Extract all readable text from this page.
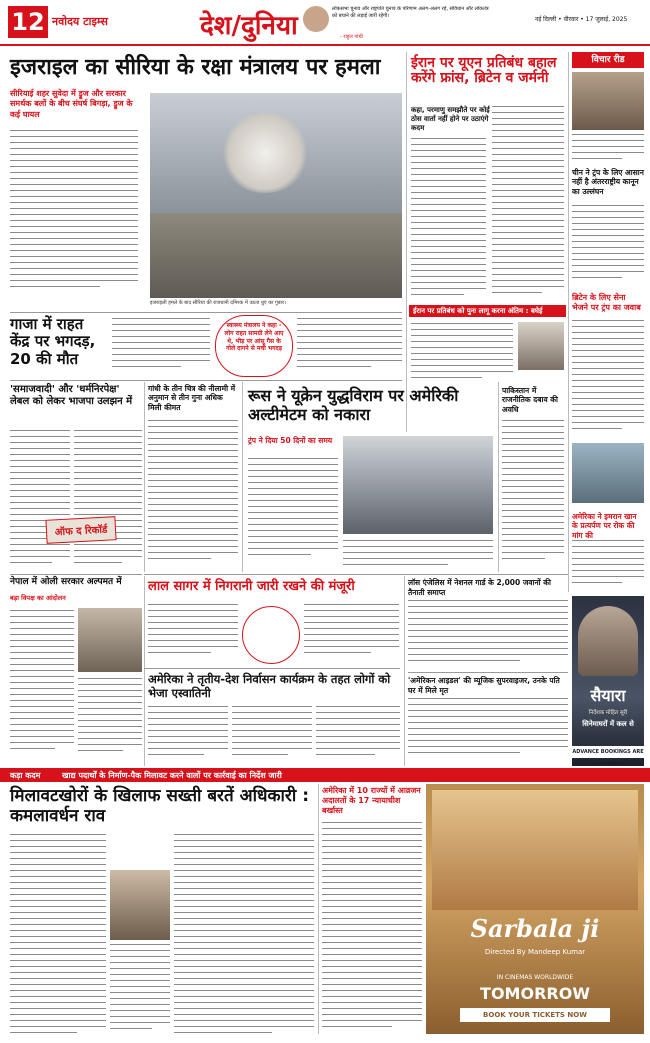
12 नवोदय टाइम्स	देश/दुनिया
लोकसभा चुनाव और राष्ट्रपति चुनाव के परिणाम अलग-अलग रहे, संविधान और लोकतंत्र को बचाने की लड़ाई जारी रहेगी।
- राहुल गांधी
नई दिल्ली • वीरवार • 17 जुलाई, 2025
इजराइल का सीरिया के रक्षा मंत्रालय पर हमला
सीरियाई शहर सुवेदा में ड्रूज और सरकार समर्थक बलों के बीच संघर्ष बिगड़ा, ड्रूज के कई घायल
इजराइली हमले के बाद सीरिया की राजधानी दमिश्क में उठता धुएं का गुबार।
ईरान पर यूएन प्रतिबंध बहाल करेंगे फ्रांस, ब्रिटेन व जर्मनी
कहा, परमाणु समझौते पर कोई ठोस वार्ता नहीं होने पर उठाएंगे कदम
ईरान पर प्रतिबंध को पुनः लागू करना अंतिम : बघेई
विचार रीड
चीन ने ट्रंप के लिए आसान नहीं है अंतरराष्ट्रीय कानून का उल्लंघन
ब्रिटेन के लिए सेना भेजने पर ट्रंप का जवाब
अमेरिका ने इमरान खान के प्रत्यर्पण पर रोक की मांग की
गाजा में राहत केंद्र पर भगदड़, 20 की मौत
स्वास्थ्य मंत्रालय ने कहा - लोग राहत सामग्री लेने आए थे, भीड़ पर आंसू गैस के गोले दागने से मची भगदड़
'समाजवादी' और 'धर्मनिरपेक्ष' लेबल को लेकर भाजपा उलझन में
ऑफ द रिकॉर्ड
गांधी के तीन चित्र की नीलामी में अनुमान से तीन गुना अधिक मिली कीमत
रूस ने यूक्रेन युद्धविराम पर अमेरिकी अल्टीमेटम को नकारा
ट्रंप ने दिया 50 दिनों का समय
पाकिस्तान में राजनीतिक दबाव की अवधि
लाल सागर में निगरानी जारी रखने की मंजूरी
नेपाल में ओली सरकार अल्पमत में
बड़ा विपक्ष का आंदोलन
अमेरिका ने तृतीय-देश निर्वासन कार्यक्रम के तहत लोगों को भेजा एस्वातिनी
लॉस एंजेलिस में नेशनल गार्ड के 2,000 जवानों की तैनाती समाप्त
'अमेरिकन आइडल' की म्यूजिक सुपरवाइजर, उनके पति घर में मिले मृत	सैयारा
निर्देशक मोहित सूरी
सिनेमाघरों में कल से
ADVANCE BOOKINGS ARE NOW OPEN
कड़ा कदम	खाद्य पदार्थों के निर्माण-पैक मिलावट करने वालों पर कार्रवाई का निर्देश जारी
मिलावटखोरों के खिलाफ सख्ती बरतें अधिकारी : कमलावर्धन राव
अमेरिका में 10 राज्यों में आव्रजन अदालतों के 17 न्यायाधीश बर्खास्त
Sarbala ji
Directed By Mandeep Kumar
IN CINEMAS WORLDWIDE
TOMORROW
BOOK YOUR TICKETS NOW
